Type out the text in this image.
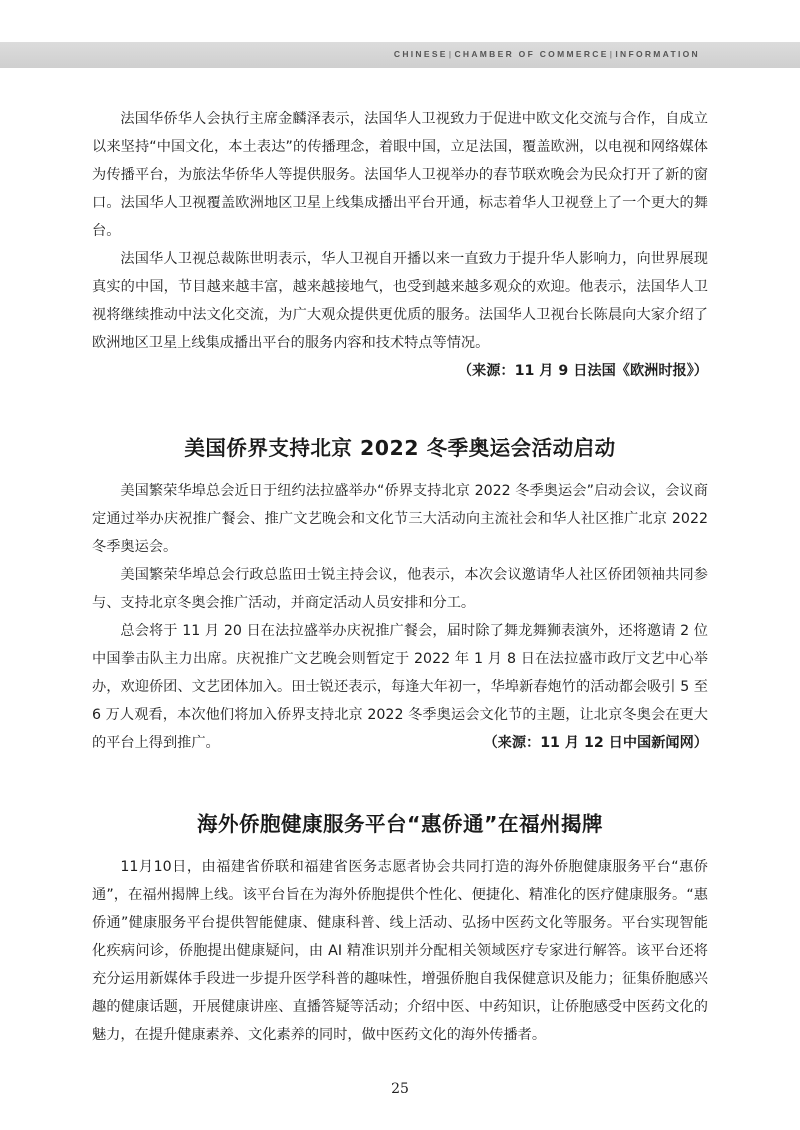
CHINESE|CHAMBER OF COMMERCE|INFORMATION

法国华侨华人会执行主席金麟泽表示，法国华人卫视致力于促进中欧文化交流与合作，自成立以来坚持“中国文化，本土表达”的传播理念，着眼中国，立足法国，覆盖欧洲，以电视和网络媒体为传播平台，为旅法华侨华人等提供服务。法国华人卫视举办的春节联欢晚会为民众打开了新的窗口。法国华人卫视覆盖欧洲地区卫星上线集成播出平台开通，标志着华人卫视登上了一个更大的舞台。

法国华人卫视总裁陈世明表示，华人卫视自开播以来一直致力于提升华人影响力，向世界展现真实的中国，节目越来越丰富，越来越接地气，也受到越来越多观众的欢迎。他表示，法国华人卫视将继续推动中法文化交流，为广大观众提供更优质的服务。法国华人卫视台长陈晨向大家介绍了欧洲地区卫星上线集成播出平台的服务内容和技术特点等情况。

（来源：11 月 9 日法国《欧洲时报》）
美国侨界支持北京 2022 冬季奥运会活动启动

美国繁荣华埠总会近日于纽约法拉盛举办“侨界支持北京 2022 冬季奥运会”启动会议，会议商定通过举办庆祝推广餐会、推广文艺晚会和文化节三大活动向主流社会和华人社区推广北京 2022 冬季奥运会。

美国繁荣华埠总会行政总监田士锐主持会议，他表示，本次会议邀请华人社区侨团领袖共同参与、支持北京冬奥会推广活动，并商定活动人员安排和分工。

总会将于 11 月 20 日在法拉盛举办庆祝推广餐会，届时除了舞龙舞狮表演外，还将邀请 2 位中国拳击队主力出席。庆祝推广文艺晚会则暂定于 2022 年 1 月 8 日在法拉盛市政厅文艺中心举办，欢迎侨团、文艺团体加入。田士锐还表示，每逢大年初一，华埠新春炮竹的活动都会吸引 5 至 6 万人观看，本次他们将加入侨界支持北京 2022 冬季奥运会文化节的主题，让北京冬奥会在更大的平台上得到推广。	（来源：11 月 12 日中国新闻网）

海外侨胞健康服务平台“惠侨通”在福州揭牌

11月10日，由福建省侨联和福建省医务志愿者协会共同打造的海外侨胞健康服务平台“惠侨通”，在福州揭牌上线。该平台旨在为海外侨胞提供个性化、便捷化、精准化的医疗健康服务。“惠侨通”健康服务平台提供智能健康、健康科普、线上活动、弘扬中医药文化等服务。平台实现智能化疾病问诊，侨胞提出健康疑问，由 AI 精准识别并分配相关领域医疗专家进行解答。该平台还将充分运用新媒体手段进一步提升医学科普的趣味性，增强侨胞自我保健意识及能力；征集侨胞感兴趣的健康话题，开展健康讲座、直播答疑等活动；介绍中医、中药知识，让侨胞感受中医药文化的魅力，在提升健康素养、文化素养的同时，做中医药文化的海外传播者。

25
